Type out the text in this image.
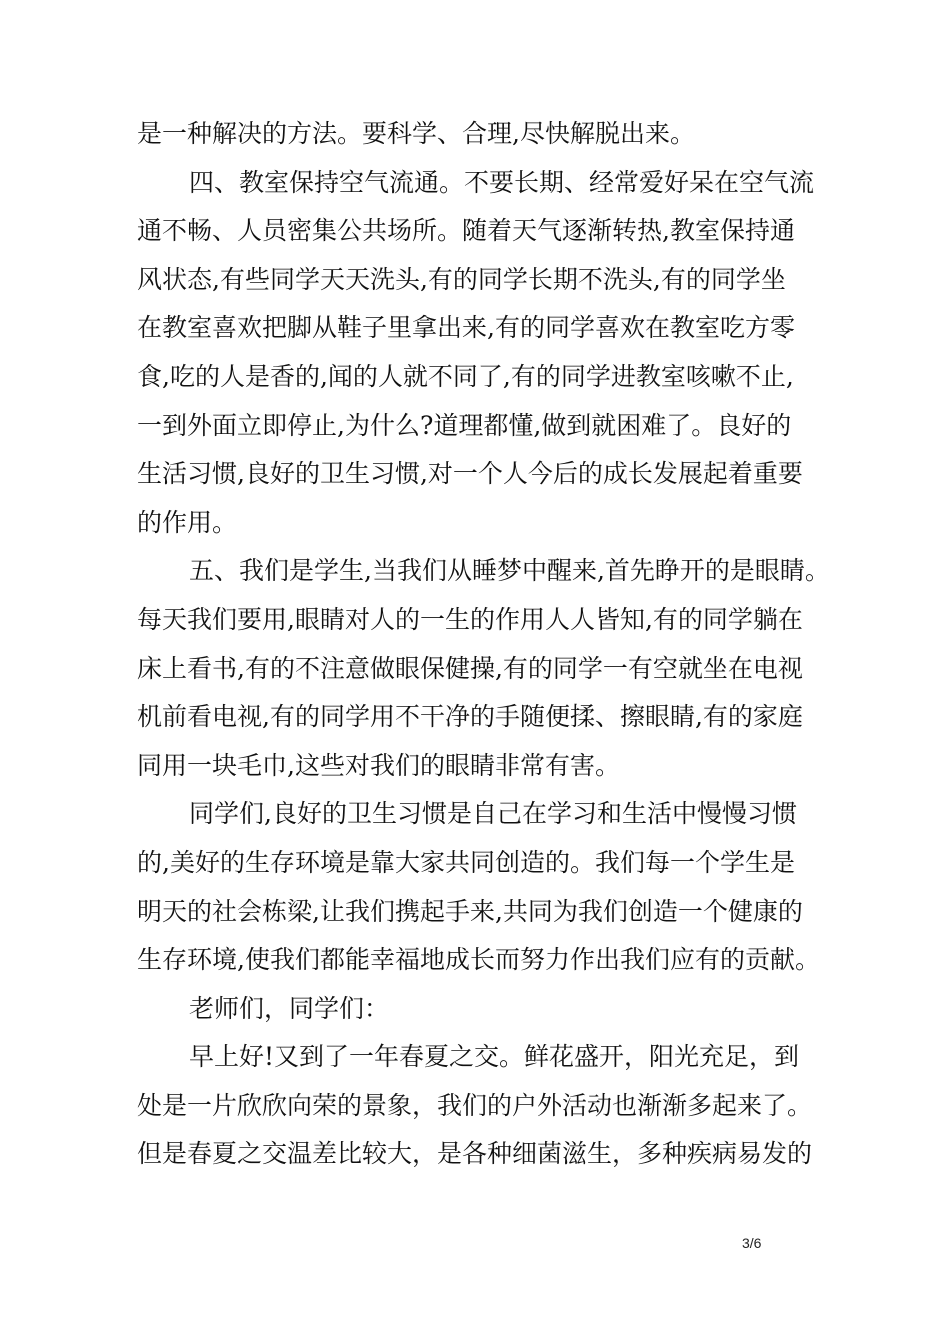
是一种解决的方法。要科学、合理,尽快解脱出来。
四、教室保持空气流通。不要长期、经常爱好呆在空气流
通不畅、人员密集公共场所。随着天气逐渐转热,教室保持通
风状态,有些同学天天洗头,有的同学长期不洗头,有的同学坐
在教室喜欢把脚从鞋子里拿出来,有的同学喜欢在教室吃方零
食,吃的人是香的,闻的人就不同了,有的同学进教室咳嗽不止,
一到外面立即停止,为什么?道理都懂,做到就困难了。良好的
生活习惯,良好的卫生习惯,对一个人今后的成长发展起着重要
的作用。
五、我们是学生,当我们从睡梦中醒来,首先睁开的是眼睛。
每天我们要用,眼睛对人的一生的作用人人皆知,有的同学躺在
床上看书,有的不注意做眼保健操,有的同学一有空就坐在电视
机前看电视,有的同学用不干净的手随便揉、擦眼睛,有的家庭
同用一块毛巾,这些对我们的眼睛非常有害。
同学们,良好的卫生习惯是自己在学习和生活中慢慢习惯
的,美好的生存环境是靠大家共同创造的。我们每一个学生是
明天的社会栋梁,让我们携起手来,共同为我们创造一个健康的
生存环境,使我们都能幸福地成长而努力作出我们应有的贡献。
老师们，同学们：
早上好!又到了一年春夏之交。鲜花盛开，阳光充足，到
处是一片欣欣向荣的景象，我们的户外活动也渐渐多起来了。
但是春夏之交温差比较大，是各种细菌滋生，多种疾病易发的
3/6
